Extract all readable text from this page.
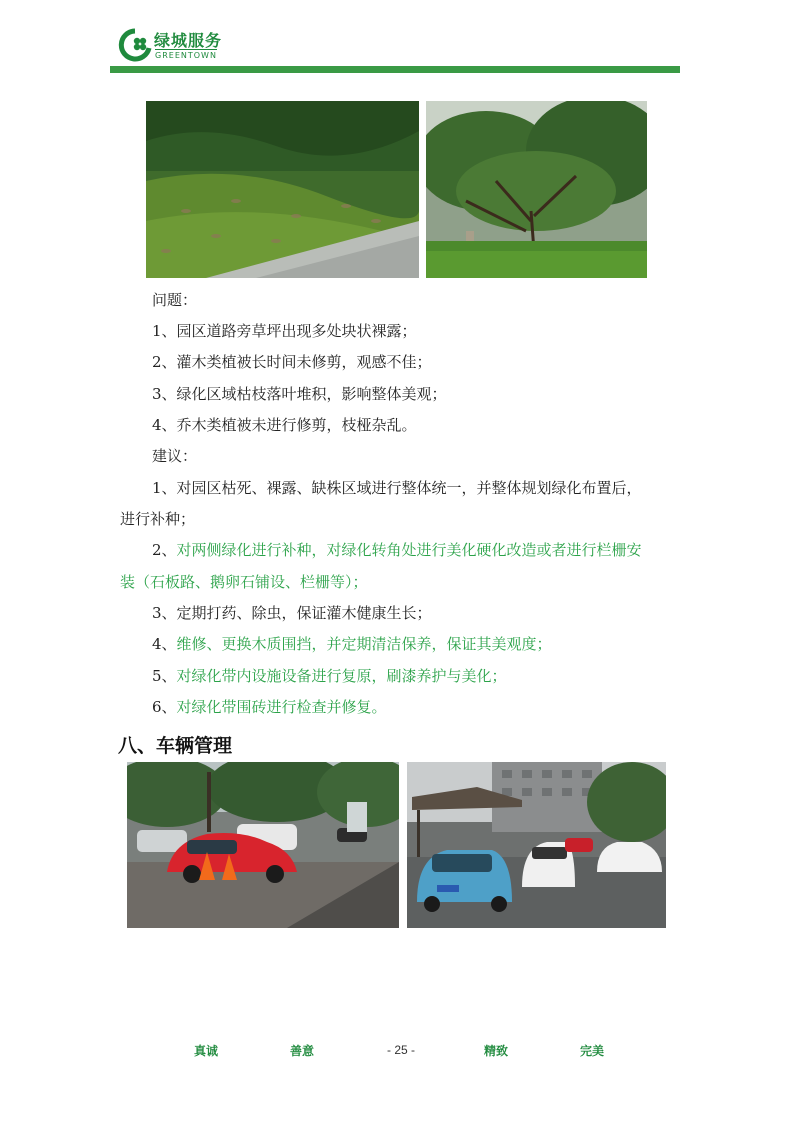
绿城服务
GREENTOWN
问题：
1、园区道路旁草坪出现多处块状裸露；
2、灌木类植被长时间未修剪，观感不佳；
3、绿化区域枯枝落叶堆积，影响整体美观；
4、乔木类植被未进行修剪，枝桠杂乱。
建议：
1、对园区枯死、裸露、缺株区域进行整体统一，并整体规划绿化布置后，
进行补种；
2、对两侧绿化进行补种，对绿化转角处进行美化硬化改造或者进行栏栅安
装（石板路、鹅卵石铺设、栏栅等）；
3、定期打药、除虫，保证灌木健康生长；
4、维修、更换木质围挡，并定期清洁保养，保证其美观度；
5、对绿化带内设施设备进行复原，刷漆养护与美化；
6、对绿化带围砖进行检查并修复。
八、车辆管理
真诚	善意	- 25 -	精致	完美
